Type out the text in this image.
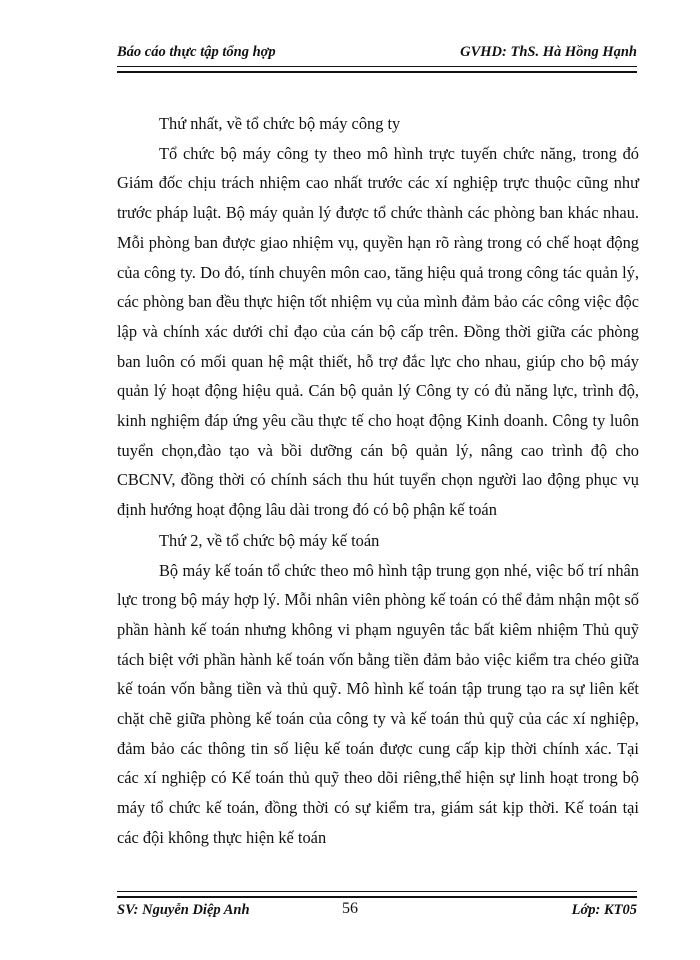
Báo cáo thực tập tổng hợp	GVHD: ThS. Hà Hồng Hạnh

Thứ nhất, về tổ chức bộ máy công ty

Tổ chức bộ máy công ty theo mô hình trực tuyến chức năng, trong đó Giám đốc chịu trách nhiệm cao nhất trước các xí nghiệp trực thuộc cũng như trước pháp luật. Bộ máy quản lý được tổ chức thành các phòng ban khác nhau. Mỗi phòng ban được giao nhiệm vụ, quyền hạn rõ ràng trong có chế hoạt động của công ty. Do đó, tính chuyên môn cao, tăng hiệu quả trong công tác quản lý, các phòng ban đều thực hiện tốt nhiệm vụ của mình đảm bảo các công việc độc lập và chính xác dưới chỉ đạo của cán bộ cấp trên. Đồng thời giữa các phòng ban luôn có mối quan hệ mật thiết, hỗ trợ đắc lực cho nhau, giúp cho bộ máy quản lý hoạt động hiệu quả. Cán bộ quản lý Công ty có đủ năng lực, trình độ, kinh nghiệm đáp ứng yêu cầu thực tế cho hoạt động Kinh doanh. Công ty luôn tuyển chọn,đào tạo và bồi dưỡng cán bộ quản lý, nâng cao trình độ cho CBCNV, đồng thời có chính sách thu hút tuyển chọn người lao động phục vụ định hướng hoạt động lâu dài trong đó có bộ phận kế toán

Thứ 2, về tổ chức bộ máy kế toán

Bộ máy kế toán tổ chức theo mô hình tập trung gọn nhé, việc bố trí nhân lực trong bộ máy hợp lý. Mỗi nhân viên phòng kế toán có thể đảm nhận một số phần hành kế toán nhưng không vi phạm nguyên tắc bất kiêm nhiệm Thủ quỹ tách biệt với phần hành kế toán vốn bằng tiền đảm bảo việc kiểm tra chéo giữa kế toán vốn bằng tiền và thủ quỹ. Mô hình kế toán tập trung tạo ra sự liên kết chặt chẽ giữa phòng kế toán của công ty và kế toán thủ quỹ của các xí nghiệp, đảm bảo các thông tin số liệu kế toán được cung cấp kịp thời chính xác. Tại các xí nghiệp có Kế toán thủ quỹ theo dõi riêng,thể hiện sự linh hoạt trong bộ máy tổ chức kế toán, đồng thời có sự kiểm tra, giám sát kịp thời. Kế toán tại các đội không thực hiện kế toán

SV: Nguyễn Diệp Anh	56	Lớp: KT05
